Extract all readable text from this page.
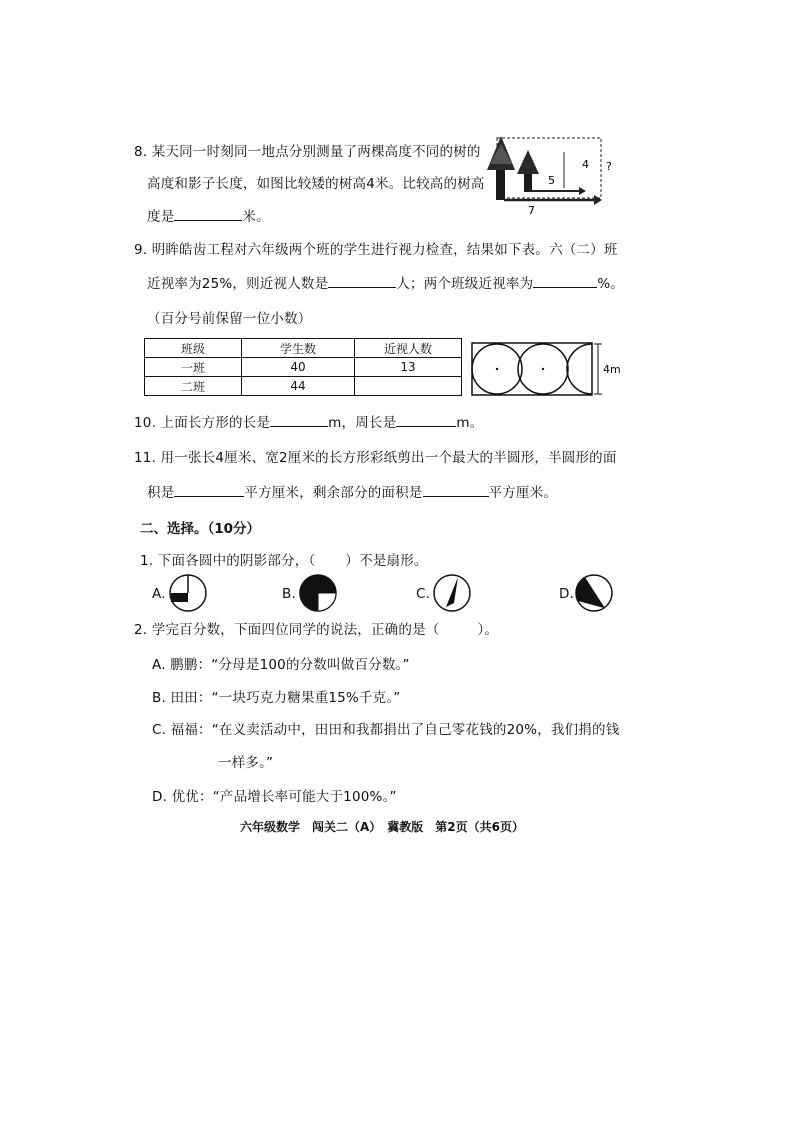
8. 某天同一时刻同一地点分别测量了两棵高度不同的树的
高度和影子长度，如图比较矮的树高4米。比较高的树高
度是	米。
4 ?
5
7
9. 明眸皓齿工程对六年级两个班的学生进行视力检查，结果如下表。六（二）班
近视率为25%，则近视人数是	人；两个班级近视率为	%。
（百分号前保留一位小数）
班级	学生数	近视人数
一班	40	13
二班	44	
4m
10. 上面长方形的长是	m，周长是	m。
11. 用一张长4厘米、宽2厘米的长方形彩纸剪出一个最大的半圆形，半圆形的面
积是	平方厘米，剩余部分的面积是	平方厘米。
二、选择。（10分）
1. 下面各圆中的阴影部分，（ ）不是扇形。
A.	B.	C.	D.
2. 学完百分数，下面四位同学的说法，正确的是（	）。
A. 鹏鹏：“分母是100的分数叫做百分数。”
B. 田田：“一块巧克力糖果重15%千克。”
C. 福福：“在义卖活动中，田田和我都捐出了自己零花钱的20%，我们捐的钱
一样多。”
D. 优优：“产品增长率可能大于100%。”
六年级数学　闯关二（A）　冀教版　第2页（共6页）
